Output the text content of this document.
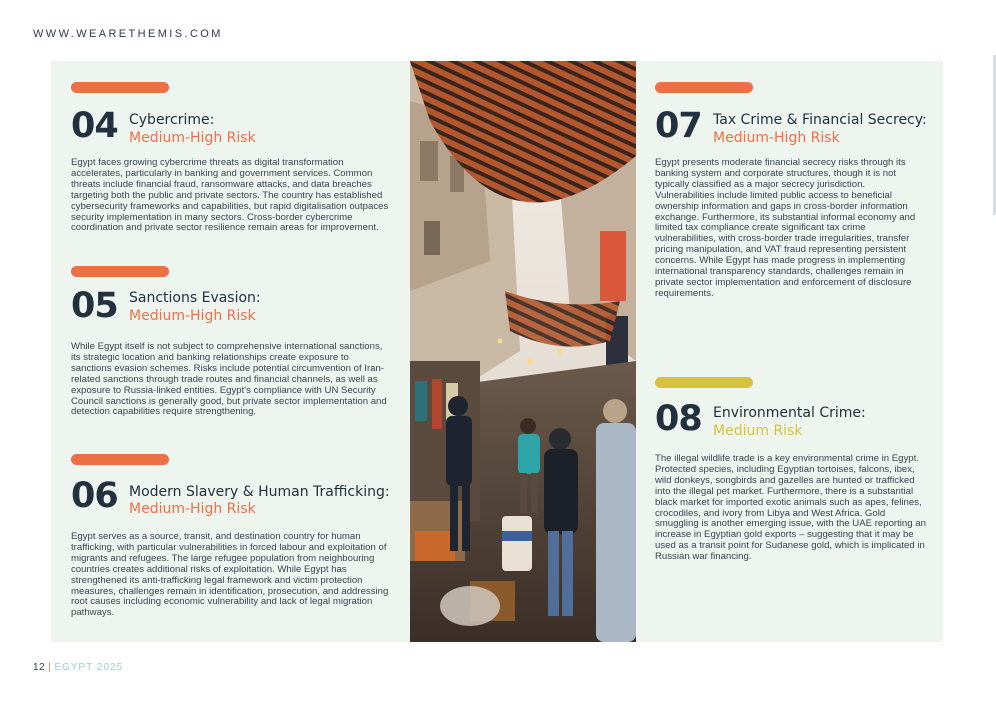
WWW.WEARETHEMIS.COM
04 Cybercrime:
Medium-High Risk
Egypt faces growing cybercrime threats as digital transformation accelerates, particularly in banking and government services. Common threats include financial fraud, ransomware attacks, and data breaches targeting both the public and private sectors. The country has established cybersecurity frameworks and capabilities, but rapid digitalisation outpaces security implementation in many sectors. Cross-border cybercrime coordination and private sector resilience remain areas for improvement.
05 Sanctions Evasion:
Medium-High Risk
While Egypt itself is not subject to comprehensive international sanctions, its strategic location and banking relationships create exposure to sanctions evasion schemes. Risks include potential circumvention of Iran-related sanctions through trade routes and financial channels, as well as exposure to Russia-linked entities. Egypt's compliance with UN Security Council sanctions is generally good, but private sector implementation and detection capabilities require strengthening.
06 Modern Slavery & Human Trafficking:
Medium-High Risk
Egypt serves as a source, transit, and destination country for human trafficking, with particular vulnerabilities in forced labour and exploitation of migrants and refugees. The large refugee population from neighbouring countries creates additional risks of exploitation. While Egypt has strengthened its anti-trafficking legal framework and victim protection measures, challenges remain in identification, prosecution, and addressing root causes including economic vulnerability and lack of legal migration pathways.
07 Tax Crime & Financial Secrecy:
Medium-High Risk
Egypt presents moderate financial secrecy risks through its banking system and corporate structures, though it is not typically classified as a major secrecy jurisdiction. Vulnerabilities include limited public access to beneficial ownership information and gaps in cross-border information exchange. Furthermore, its substantial informal economy and limited tax compliance create significant tax crime vulnerabilities, with cross-border trade irregularities, transfer pricing manipulation, and VAT fraud representing persistent concerns. While Egypt has made progress in implementing international transparency standards, challenges remain in private sector implementation and enforcement of disclosure requirements.
08 Environmental Crime:
Medium Risk
The illegal wildlife trade is a key environmental crime in Egypt. Protected species, including Egyptian tortoises, falcons, ibex, wild donkeys, songbirds and gazelles are hunted or trafficked into the illegal pet market. Furthermore, there is a substantial black market for imported exotic animals such as apes, felines, crocodiles, and ivory from Libya and West Africa. Gold smuggling is another emerging issue, with the UAE reporting an increase in Egyptian gold exports – suggesting that it may be used as a transit point for Sudanese gold, which is implicated in Russian war financing.
12 | EGYPT 2025
